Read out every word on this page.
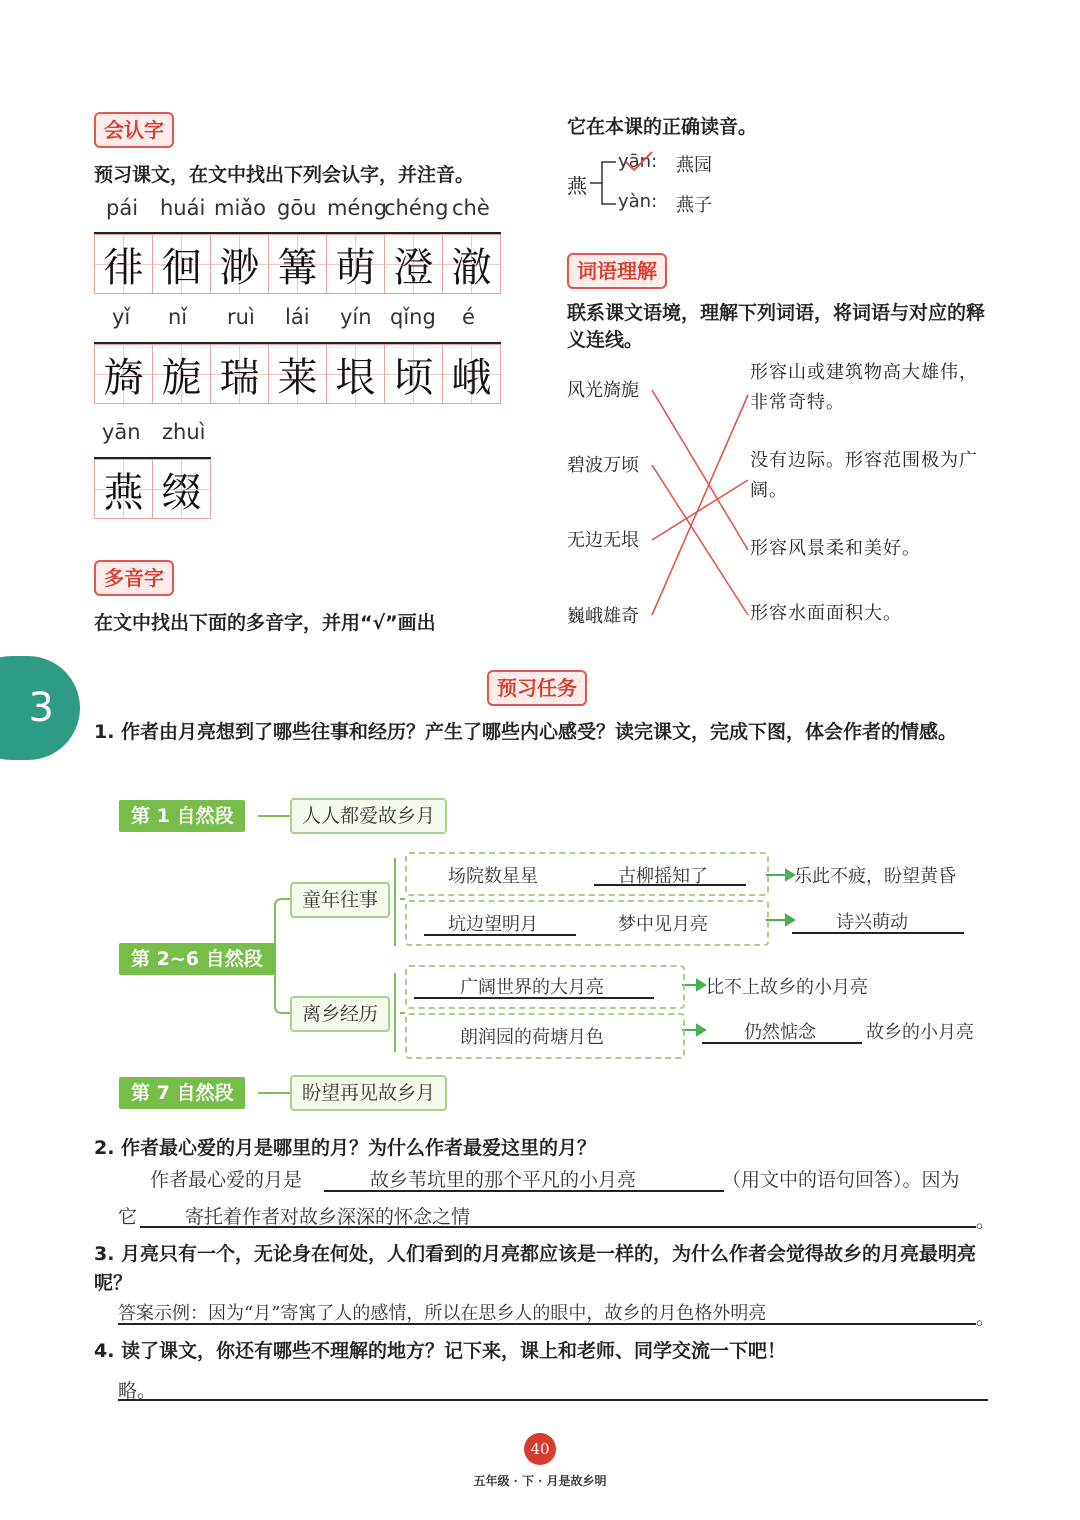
会认字
预习课文，在文中找出下列会认字，并注音。
pái huái miǎo gōu méng
chéng chè
徘 徊 渺 篝 萌 澄 澈
yǐ nǐ ruì lái yín qǐng é
旖 旎 瑞 莱 垠 顷 峨
yān zhuì
燕 缀
多音字
在文中找出下面的多音字，并用“√”画出
它在本课的正确读音。
燕
yān: 燕园
yàn: 燕子
词语理解
联系课文语境，理解下列词语，将词语与对应的释义连线。
风光旖旎
碧波万顷
无边无垠
巍峨雄奇
形容山或建筑物高大雄伟，非常奇特。
没有边际。形容范围极为广阔。
形容风景柔和美好。
形容水面面积大。
3	预习任务
1. 作者由月亮想到了哪些往事和经历？产生了哪些内心感受？读完课文，完成下图，体会作者的情感。
第 1 自然段	人人都爱故乡月
第 2~6 自然段
童年往事
场院数星星	古柳摇知了	乐此不疲，盼望黄昏
坑边望明月	梦中见月亮	诗兴萌动
离乡经历
广阔世界的大月亮	比不上故乡的小月亮
朗润园的荷塘月色	仍然惦念	故乡的小月亮
第 7 自然段	盼望再见故乡月
2. 作者最心爱的月是哪里的月？为什么作者最爱这里的月？
作者最心爱的月是	故乡苇坑里的那个平凡的小月亮	（用文中的语句回答）。因为
它	寄托着作者对故乡深深的怀念之情	。
3. 月亮只有一个，无论身在何处，人们看到的月亮都应该是一样的，为什么作者会觉得故乡的月亮最明亮呢？
答案示例：因为“月”寄寓了人的感情，所以在思乡人的眼中，故乡的月色格外明亮	。
4. 读了课文，你还有哪些不理解的地方？记下来，课上和老师、同学交流一下吧！
略。
40
五年级 · 下 · 月是故乡明
